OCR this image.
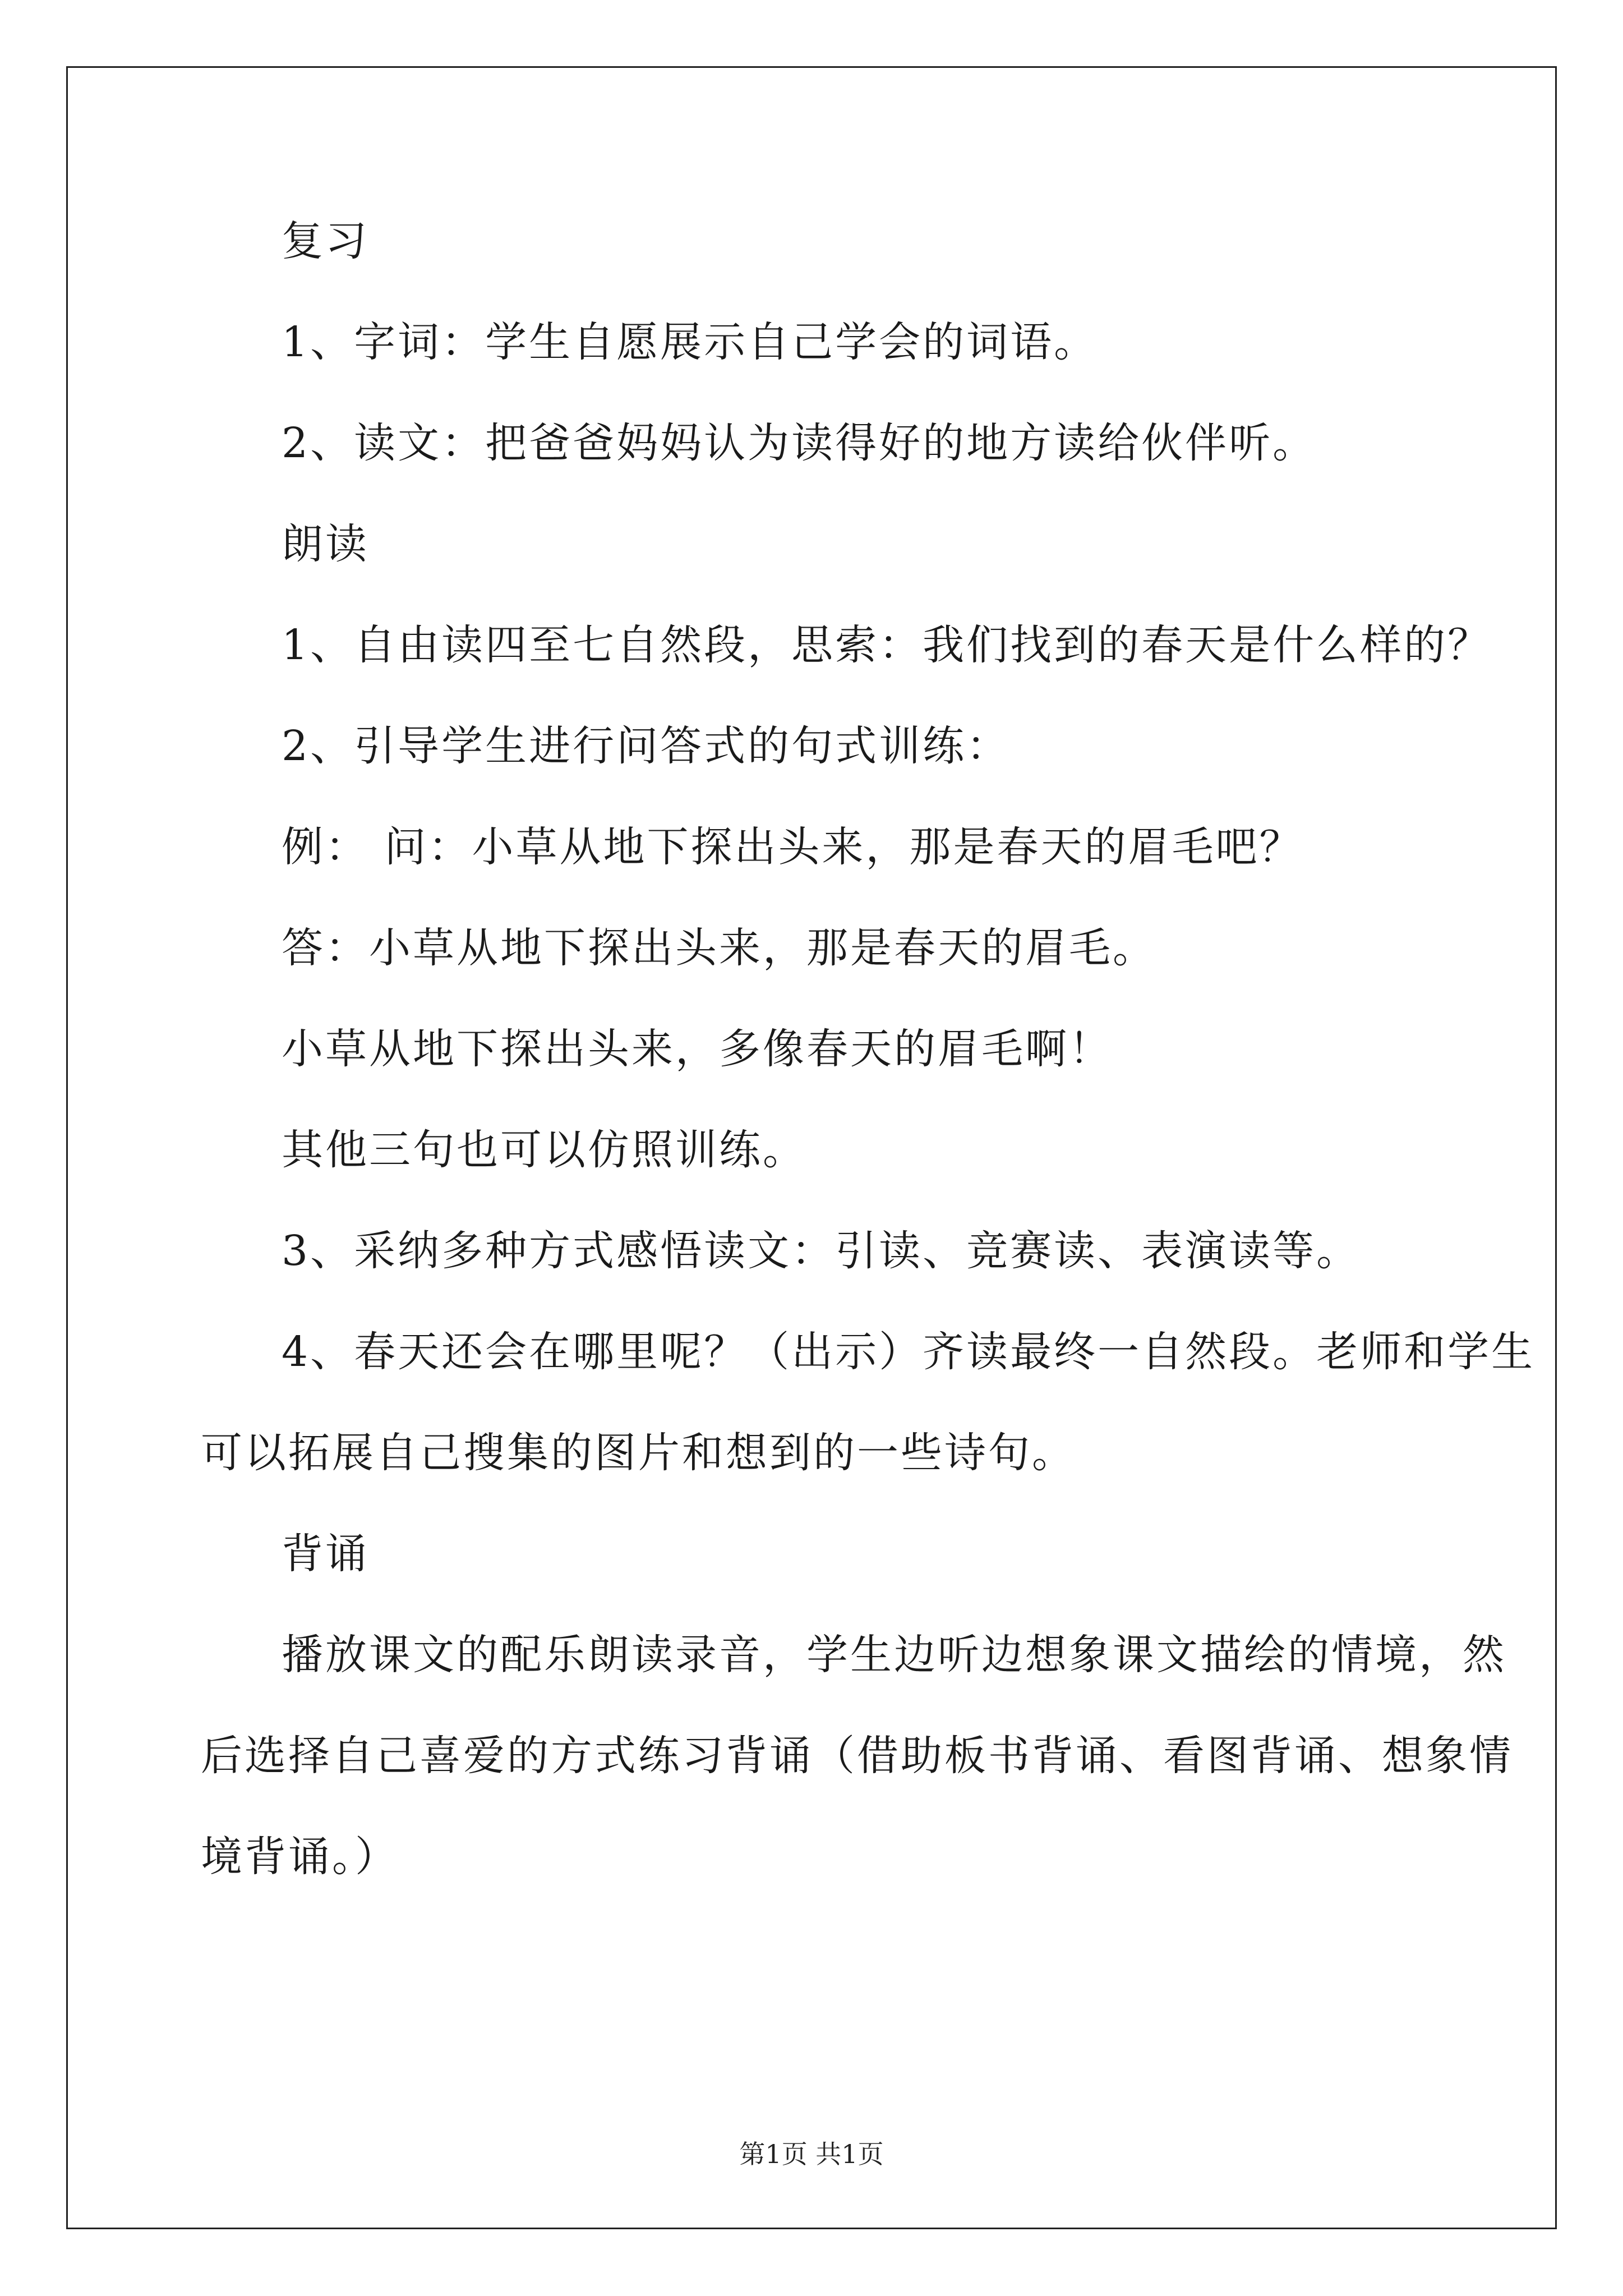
复习
1、字词：学生自愿展示自己学会的词语。
2、读文：把爸爸妈妈认为读得好的地方读给伙伴听。
朗读
1、自由读四至七自然段，思索：我们找到的春天是什么样的？
2、引导学生进行问答式的句式训练：
例： 问：小草从地下探出头来，那是春天的眉毛吧？
答：小草从地下探出头来，那是春天的眉毛。
小草从地下探出头来，多像春天的眉毛啊！
其他三句也可以仿照训练。
3、采纳多种方式感悟读文：引读、竞赛读、表演读等。
4、春天还会在哪里呢？（出示）齐读最终一自然段。老师和学生
可以拓展自己搜集的图片和想到的一些诗句。
背诵
播放课文的配乐朗读录音，学生边听边想象课文描绘的情境，然
后选择自己喜爱的方式练习背诵（借助板书背诵、看图背诵、想象情
境背诵。）
第1页 共1页
